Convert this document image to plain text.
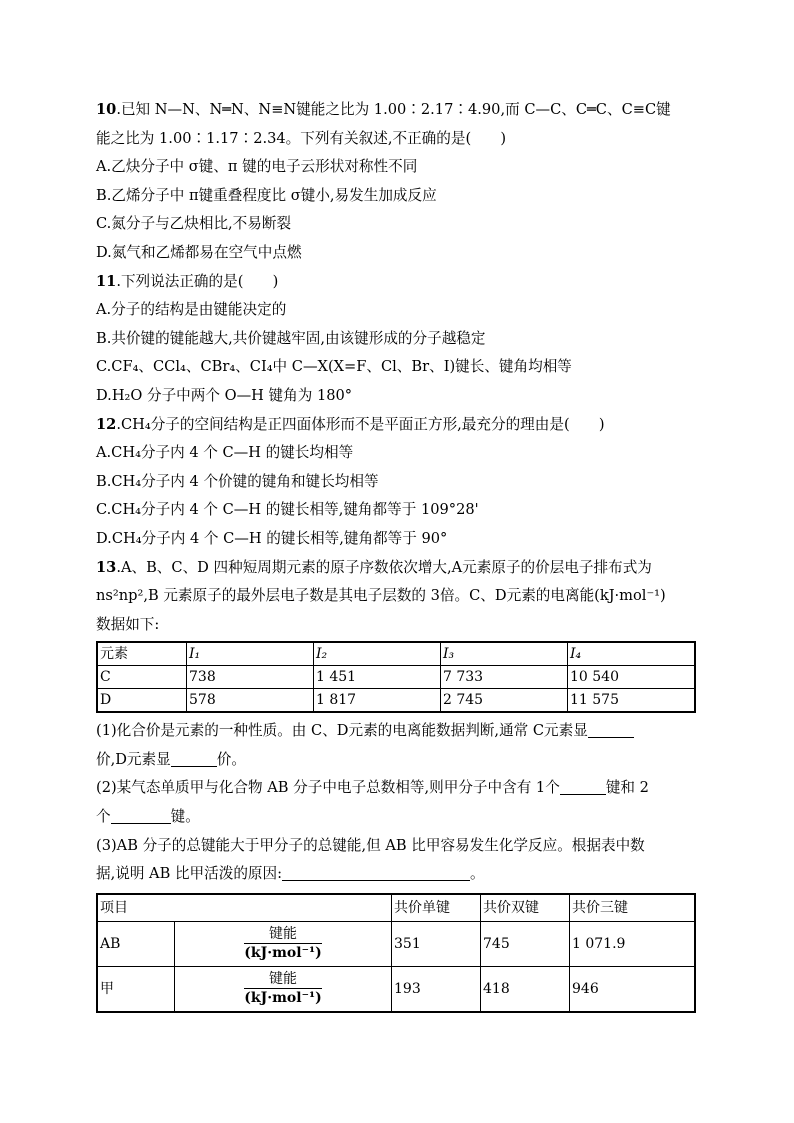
10.已知 N—N、N═N、N≡N键能之比为 1.00∶2.17∶4.90,而 C—C、C═C、C≡C键
能之比为 1.00∶1.17∶2.34。下列有关叙述,不正确的是(　　)
A.乙炔分子中 σ键、π 键的电子云形状对称性不同
B.乙烯分子中 π键重叠程度比 σ键小,易发生加成反应
C.氮分子与乙炔相比,不易断裂
D.氮气和乙烯都易在空气中点燃
11.下列说法正确的是(　　)
A.分子的结构是由键能决定的
B.共价键的键能越大,共价键越牢固,由该键形成的分子越稳定
C.CF₄、CCl₄、CBr₄、CI₄中 C—X(X=F、Cl、Br、I)键长、键角均相等
D.H₂O 分子中两个 O—H 键角为 180°
12.CH₄分子的空间结构是正四面体形而不是平面正方形,最充分的理由是(　　)
A.CH₄分子内 4 个 C—H 的键长均相等
B.CH₄分子内 4 个价键的键角和键长均相等
C.CH₄分子内 4 个 C—H 的键长相等,键角都等于 109°28'
D.CH₄分子内 4 个 C—H 的键长相等,键角都等于 90°
13.A、B、C、D 四种短周期元素的原子序数依次增大,A元素原子的价层电子排布式为
ns²np²,B 元素原子的最外层电子数是其电子层数的 3倍。C、D元素的电离能(kJ·mol⁻¹)
数据如下:
元素	I₁	I₂	I₃	I₄
C	738	1 451	7 733	10 540
D	578	1 817	2 745	11 575
(1)化合价是元素的一种性质。由 C、D元素的电离能数据判断,通常 C元素显
价,D元素显	价。
(2)某气态单质甲与化合物 AB 分子中电子总数相等,则甲分子中含有 1个	键和 2
个	键。
(3)AB 分子的总键能大于甲分子的总键能,但 AB 比甲容易发生化学反应。根据表中数
据,说明 AB 比甲活泼的原因:	。
项目		共价单键	共价双键	共价三键
AB	$\frac{\text{键能}}{\text{(kJ·mol⁻¹)}}$	351	745	1 071.9
甲	$\frac{\text{键能}}{\text{(kJ·mol⁻¹)}}$	193	418	946
